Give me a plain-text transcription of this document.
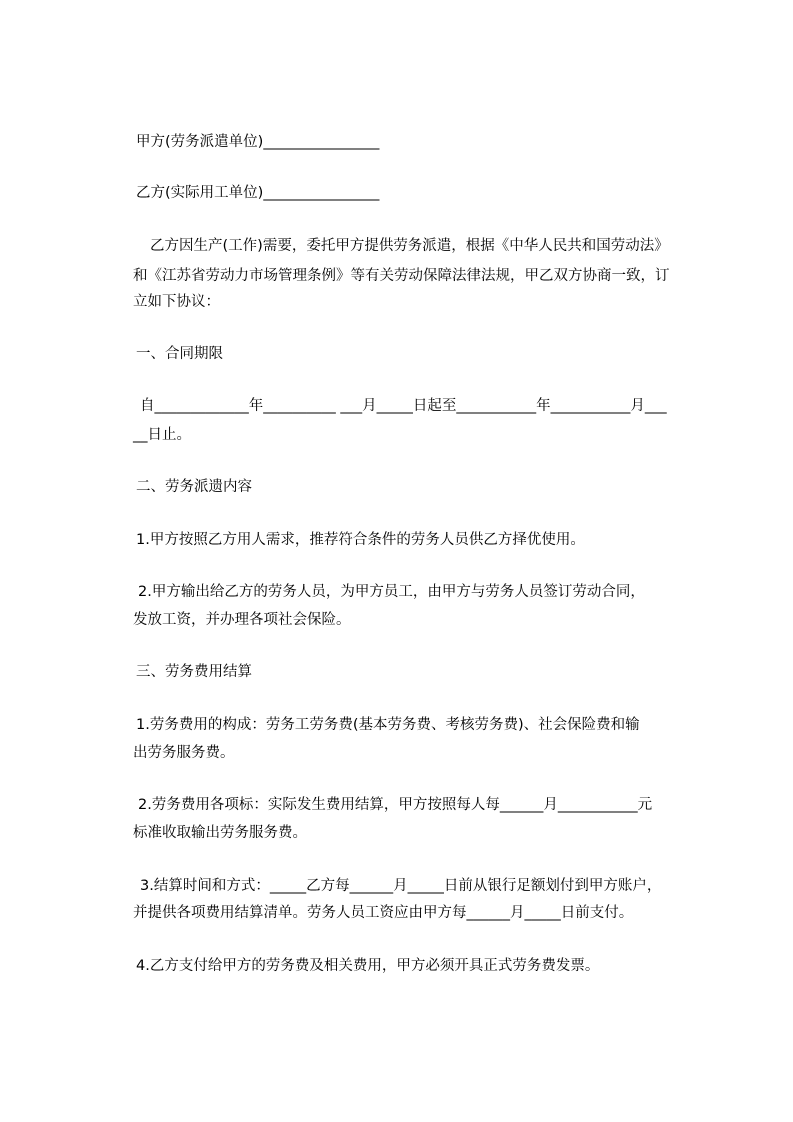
甲方(劳务派遣单位)________________
乙方(实际用工单位)________________
乙方因生产(工作)需要，委托甲方提供劳务派遣，根据《中华人民共和国劳动法》
和《江苏省劳动力市场管理条例》等有关劳动保障法律法规，甲乙双方协商一致，订
立如下协议：
一、合同期限
自_____________年__________ ___月_____日起至___________年___________月___
__日止。
二、劳务派遗内容
1.甲方按照乙方用人需求，推荐符合条件的劳务人员供乙方择优使用。
2.甲方输出给乙方的劳务人员，为甲方员工，由甲方与劳务人员签订劳动合同，
发放工资，并办理各项社会保险。
三、劳务费用结算
1.劳务费用的构成：劳务工劳务费(基本劳务费、考核劳务费)、社会保险费和输
出劳务服务费。
2.劳务费用各项标：实际发生费用结算，甲方按照每人每______月___________元
标准收取输出劳务服务费。
3.结算时间和方式：_____乙方每______月_____日前从银行足额划付到甲方账户，
并提供各项费用结算清单。劳务人员工资应由甲方每______月_____日前支付。
4.乙方支付给甲方的劳务费及相关费用，甲方必须开具正式劳务费发票。
